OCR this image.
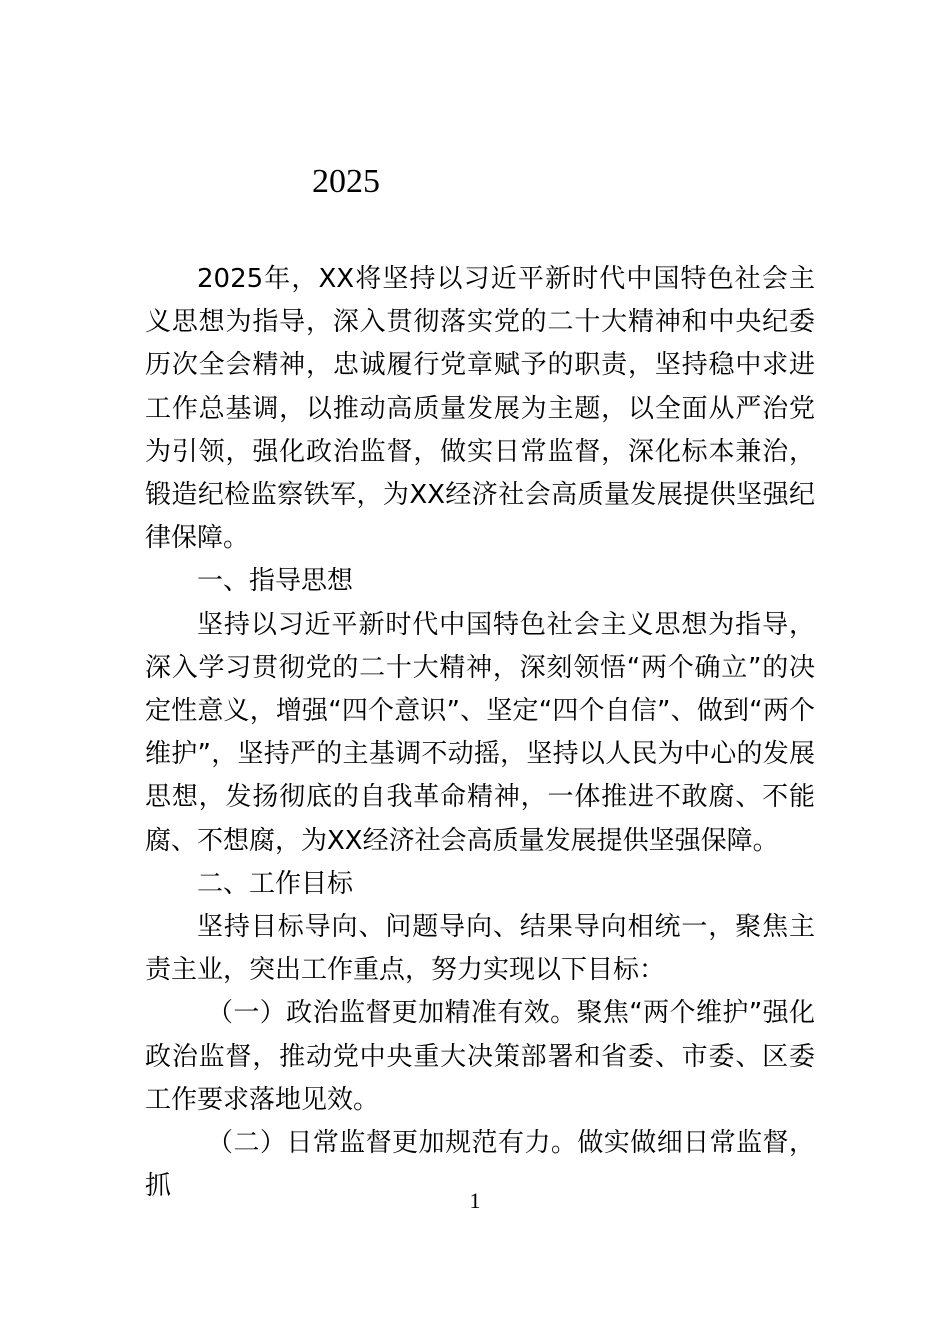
2025

2025年，XX将坚持以习近平新时代中国特色社会主义思想为指导，深入贯彻落实党的二十大精神和中央纪委历次全会精神，忠诚履行党章赋予的职责，坚持稳中求进工作总基调，以推动高质量发展为主题，以全面从严治党为引领，强化政治监督，做实日常监督，深化标本兼治，锻造纪检监察铁军，为XX经济社会高质量发展提供坚强纪律保障。

一、指导思想

坚持以习近平新时代中国特色社会主义思想为指导，深入学习贯彻党的二十大精神，深刻领悟“两个确立”的决定性意义，增强“四个意识”、坚定“四个自信”、做到“两个维护”，坚持严的主基调不动摇，坚持以人民为中心的发展思想，发扬彻底的自我革命精神，一体推进不敢腐、不能腐、不想腐，为XX经济社会高质量发展提供坚强保障。

二、工作目标

坚持目标导向、问题导向、结果导向相统一，聚焦主责主业，突出工作重点，努力实现以下目标：

（一）政治监督更加精准有效。聚焦“两个维护”强化政治监督，推动党中央重大决策部署和省委、市委、区委工作要求落地见效。

（二）日常监督更加规范有力。做实做细日常监督，抓	1
